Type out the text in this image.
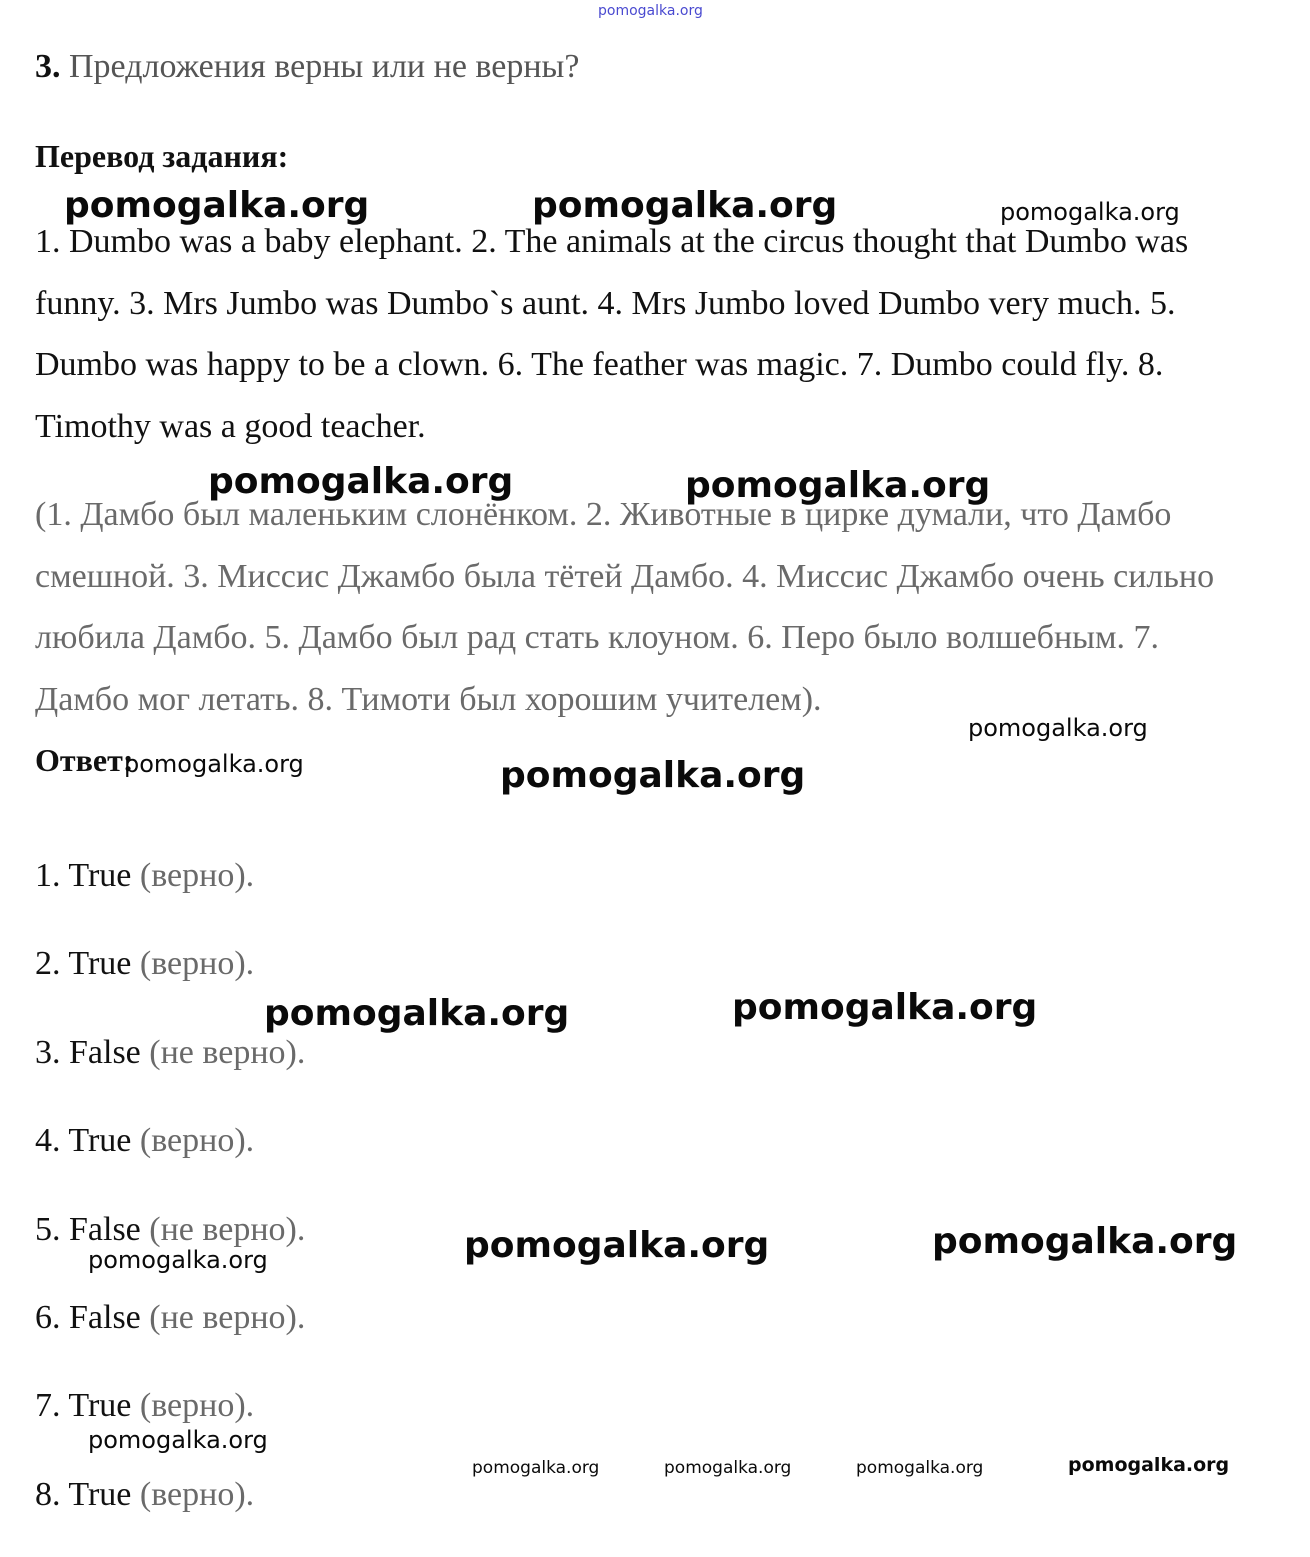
3. Предложения верны или не верны?
Перевод задания:

1. Dumbo was a baby elephant. 2. The animals at the circus thought that Dumbo was funny. 3. Mrs Jumbo was Dumbo`s aunt. 4. Mrs Jumbo loved Dumbo very much. 5. Dumbo was happy to be a clown. 6. The feather was magic. 7. Dumbo could fly. 8. Timothy was a good teacher.

(1. Дамбо был маленьким слонёнком. 2. Животные в цирке думали, что Дамбо смешной. 3. Миссис Джамбо была тётей Дамбо. 4. Миссис Джамбо очень сильно любила Дамбо. 5. Дамбо был рад стать клоуном. 6. Перо было волшебным. 7. Дамбо мог летать. 8. Тимоти был хорошим учителем).

Ответ:
1. True (верно).
2. True (верно).
3. False (не верно).
4. True (верно).
5. False (не верно).
6. False (не верно).
7. True (верно).
8. True (верно).
pomogalka.org
pomogalka.org	pomogalka.org	pomogalka.org
pomogalka.org	pomogalka.org
pomogalka.org
pomogalka.org	pomogalka.org
pomogalka.org	pomogalka.org
pomogalka.org	pomogalka.org
pomogalka.org
pomogalka.org
pomogalka.org	pomogalka.org	pomogalka.org	pomogalka.org
